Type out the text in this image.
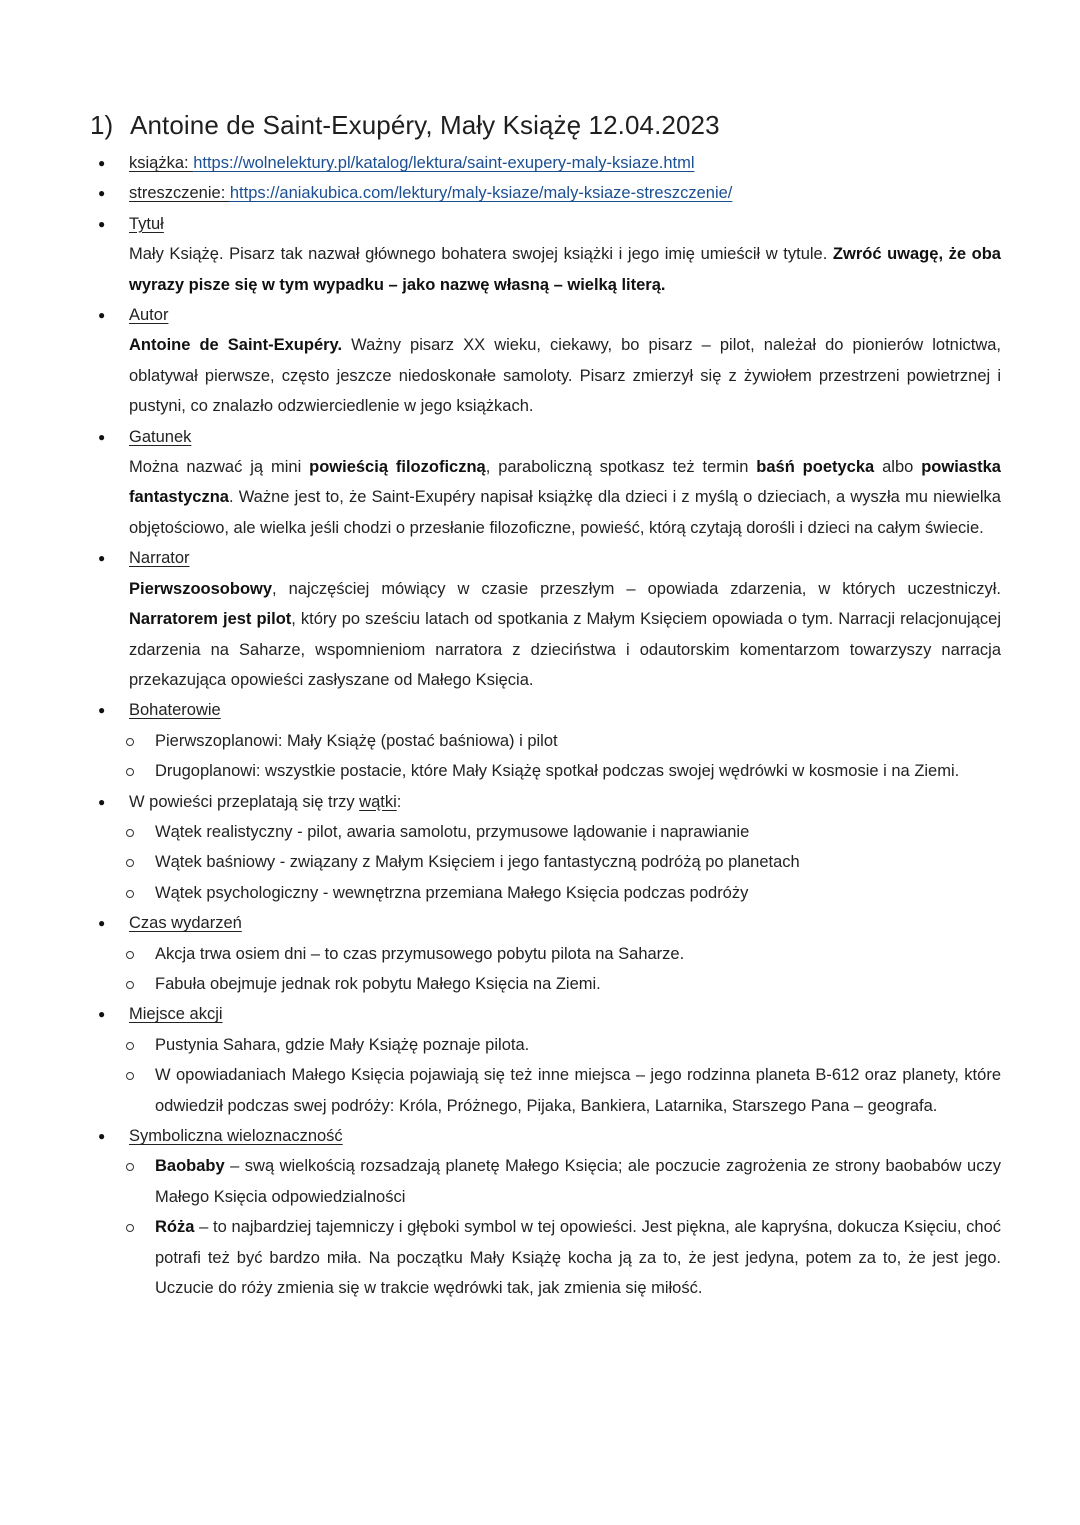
1) Antoine de Saint-Exupéry, Mały Książę 12.04.2023
● książka: https://wolnelektury.pl/katalog/lektura/saint-exupery-maly-ksiaze.html
● streszczenie: https://aniakubica.com/lektury/maly-ksiaze/maly-ksiaze-streszczenie/
● Tytuł
Mały Książę. Pisarz tak nazwał głównego bohatera swojej książki i jego imię umieścił w tytule. Zwróć uwagę, że oba wyrazy pisze się w tym wypadku – jako nazwę własną – wielką literą.
● Autor
Antoine de Saint-Exupéry. Ważny pisarz XX wieku, ciekawy, bo pisarz – pilot, należał do pionierów lotnictwa, oblatywał pierwsze, często jeszcze niedoskonałe samoloty. Pisarz zmierzył się z żywiołem przestrzeni powietrznej i pustyni, co znalazło odzwierciedlenie w jego książkach.
● Gatunek
Można nazwać ją mini powieścią filozoficzną, paraboliczną spotkasz też termin baśń poetycka albo powiastka fantastyczna. Ważne jest to, że Saint-Exupéry napisał książkę dla dzieci i z myślą o dzieciach, a wyszła mu niewielka objętościowo, ale wielka jeśli chodzi o przesłanie filozoficzne, powieść, którą czytają dorośli i dzieci na całym świecie.
● Narrator
Pierwszoosobowy, najczęściej mówiący w czasie przeszłym – opowiada zdarzenia, w których uczestniczył. Narratorem jest pilot, który po sześciu latach od spotkania z Małym Księciem opowiada o tym. Narracji relacjonującej zdarzenia na Saharze, wspomnieniom narratora z dzieciństwa i odautorskim komentarzom towarzyszy narracja przekazująca opowieści zasłyszane od Małego Księcia.
● Bohaterowie
Pierwszoplanowi: Mały Książę (postać baśniowa) i pilot
Drugoplanowi: wszystkie postacie, które Mały Książę spotkał podczas swojej wędrówki w kosmosie i na Ziemi.
● W powieści przeplatają się trzy wątki:
Wątek realistyczny - pilot, awaria samolotu, przymusowe lądowanie i naprawianie
Wątek baśniowy - związany z Małym Księciem i jego fantastyczną podróżą po planetach
Wątek psychologiczny - wewnętrzna przemiana Małego Księcia podczas podróży
● Czas wydarzeń
Akcja trwa osiem dni – to czas przymusowego pobytu pilota na Saharze.
Fabuła obejmuje jednak rok pobytu Małego Księcia na Ziemi.
● Miejsce akcji
Pustynia Sahara, gdzie Mały Książę poznaje pilota.
W opowiadaniach Małego Księcia pojawiają się też inne miejsca – jego rodzinna planeta B-612 oraz planety, które odwiedził podczas swej podróży: Króla, Próżnego, Pijaka, Bankiera, Latarnika, Starszego Pana – geografa.
● Symboliczna wieloznaczność
Baobaby – swą wielkością rozsadzają planetę Małego Księcia; ale poczucie zagrożenia ze strony baobabów uczy Małego Księcia odpowiedzialności
Róża – to najbardziej tajemniczy i głęboki symbol w tej opowieści. Jest piękna, ale kapryśna, dokucza Księciu, choć potrafi też być bardzo miła. Na początku Mały Książę kocha ją za to, że jest jedyna, potem za to, że jest jego. Uczucie do róży zmienia się w trakcie wędrówki tak, jak zmienia się miłość.
